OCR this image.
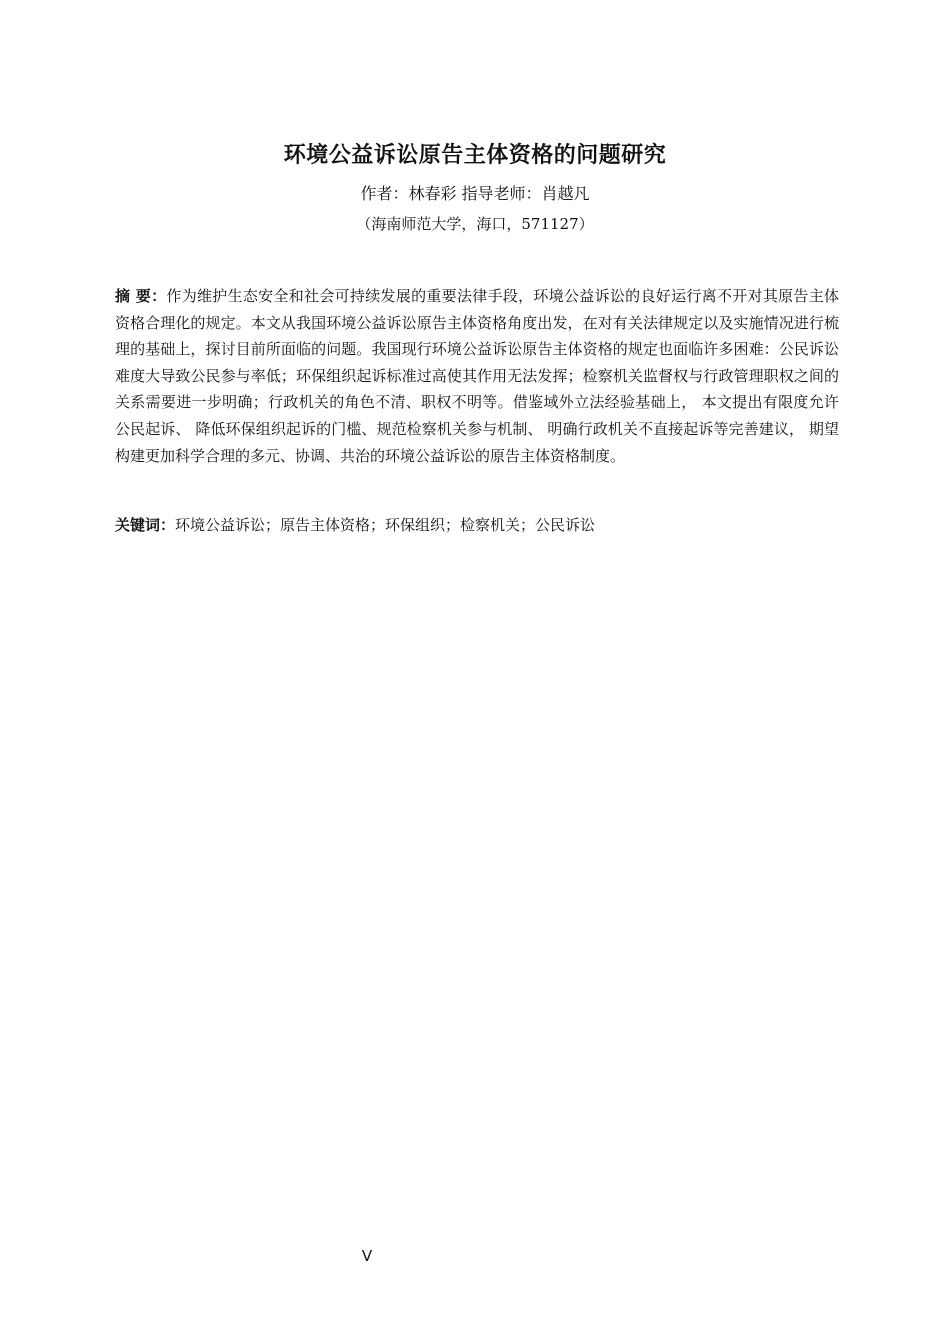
环境公益诉讼原告主体资格的问题研究
作者：林春彩 指导老师：肖越凡
（海南师范大学，海口，571127）

摘 要：作为维护生态安全和社会可持续发展的重要法律手段，环境公益诉讼的良好运行离不开对其原告主体资格合理化的规定。本文从我国环境公益诉讼原告主体资格角度出发，在对有关法律规定以及实施情况进行梳理的基础上，探讨目前所面临的问题。我国现行环境公益诉讼原告主体资格的规定也面临许多困难：公民诉讼难度大导致公民参与率低；环保组织起诉标准过高使其作用无法发挥；检察机关监督权与行政管理职权之间的关系需要进一步明确；行政机关的角色不清、职权不明等。借鉴域外立法经验基础上， 本文提出有限度允许公民起诉、 降低环保组织起诉的门槛、规范检察机关参与机制、 明确行政机关不直接起诉等完善建议， 期望构建更加科学合理的多元、协调、共治的环境公益诉讼的原告主体资格制度。

关键词：环境公益诉讼；原告主体资格；环保组织；检察机关；公民诉讼

V
